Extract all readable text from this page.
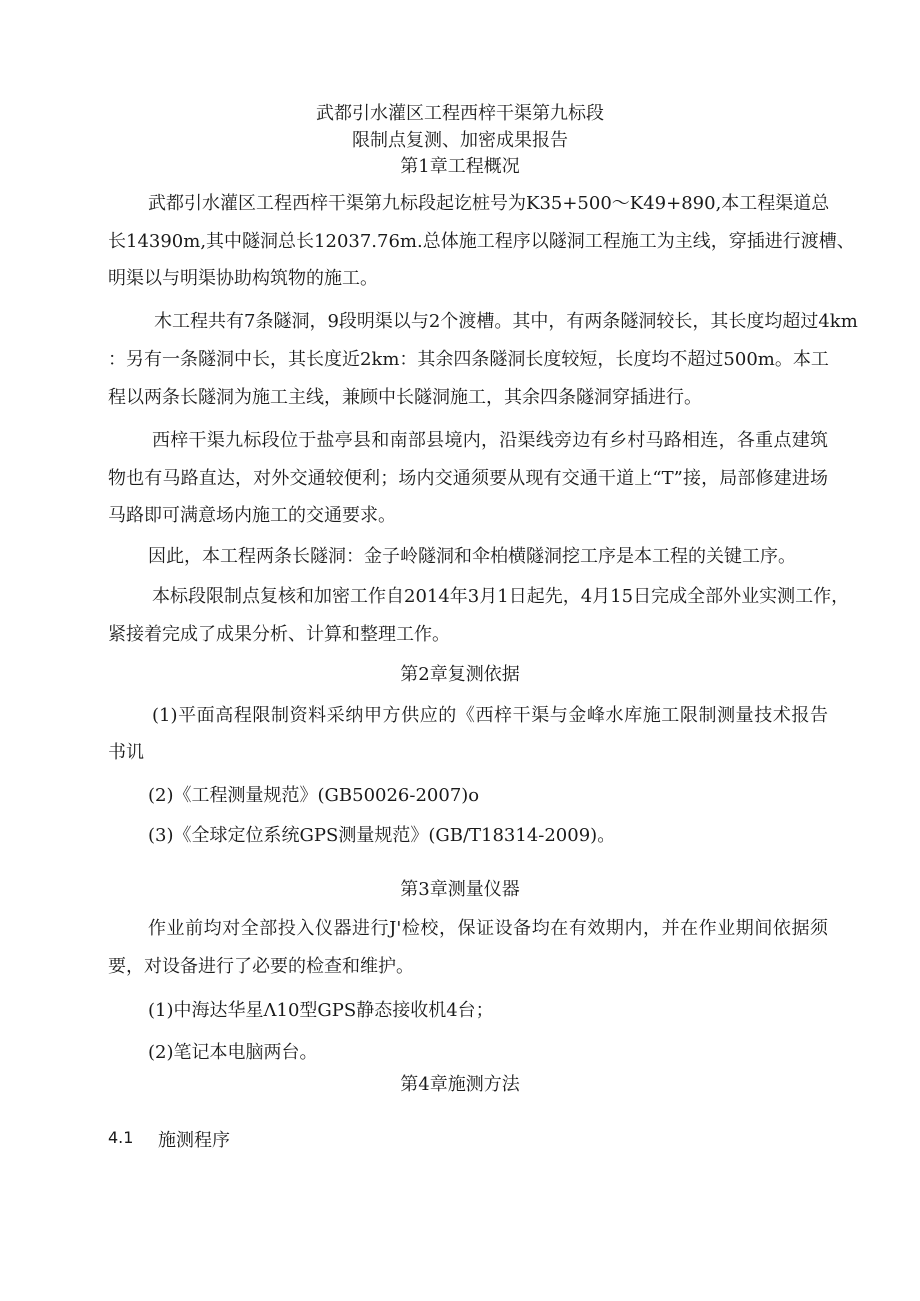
武都引水灌区工程西梓干渠第九标段
限制点复测、加密成果报告
第1章工程概况
武都引水灌区工程西梓干渠第九标段起讫桩号为K35+500～K49+890,本工程渠道总
长14390m,其中隧洞总长12037.76m.总体施工程序以隧洞工程施工为主线，穿插进行渡槽、
明渠以与明渠协助构筑物的施工。
木工程共有7条隧洞，9段明渠以与2个渡槽。其中，有两条隧洞较长，其长度均超过4km
：另有一条隧洞中长，其长度近2km：其余四条隧洞长度较短，长度均不超过500m。本工
程以两条长隧洞为施工主线，兼顾中长隧洞施工，其余四条隧洞穿插进行。
西梓干渠九标段位于盐亭县和南部县境内，沿渠线旁边有乡村马路相连，各重点建筑
物也有马路直达，对外交通较便利；场内交通须要从现有交通干道上“T”接，局部修建进场
马路即可满意场内施工的交通要求。
因此，本工程两条长隧洞：金子岭隧洞和伞柏横隧洞挖工序是本工程的关键工序。
本标段限制点复核和加密工作自2014年3月1日起先，4月15日完成全部外业实测工作，
紧接着完成了成果分析、计算和整理工作。
第2章复测依据
(1)平面高程限制资料采纳甲方供应的《西梓干渠与金峰水库施工限制测量技术报告
书讥
(2)《工程测量规范》(GB50026-2007)o
(3)《全球定位系统GPS测量规范》(GB/T18314-2009)。
第3章测量仪器
作业前均对全部投入仪器进行J'检校，保证设备均在有效期内，并在作业期间依据须
要，对设备进行了必要的检查和维护。
(1)中海达华星Λ10型GPS静态接收机4台；
(2)笔记本电脑两台。
第4章施测方法
4.1 施测程序
